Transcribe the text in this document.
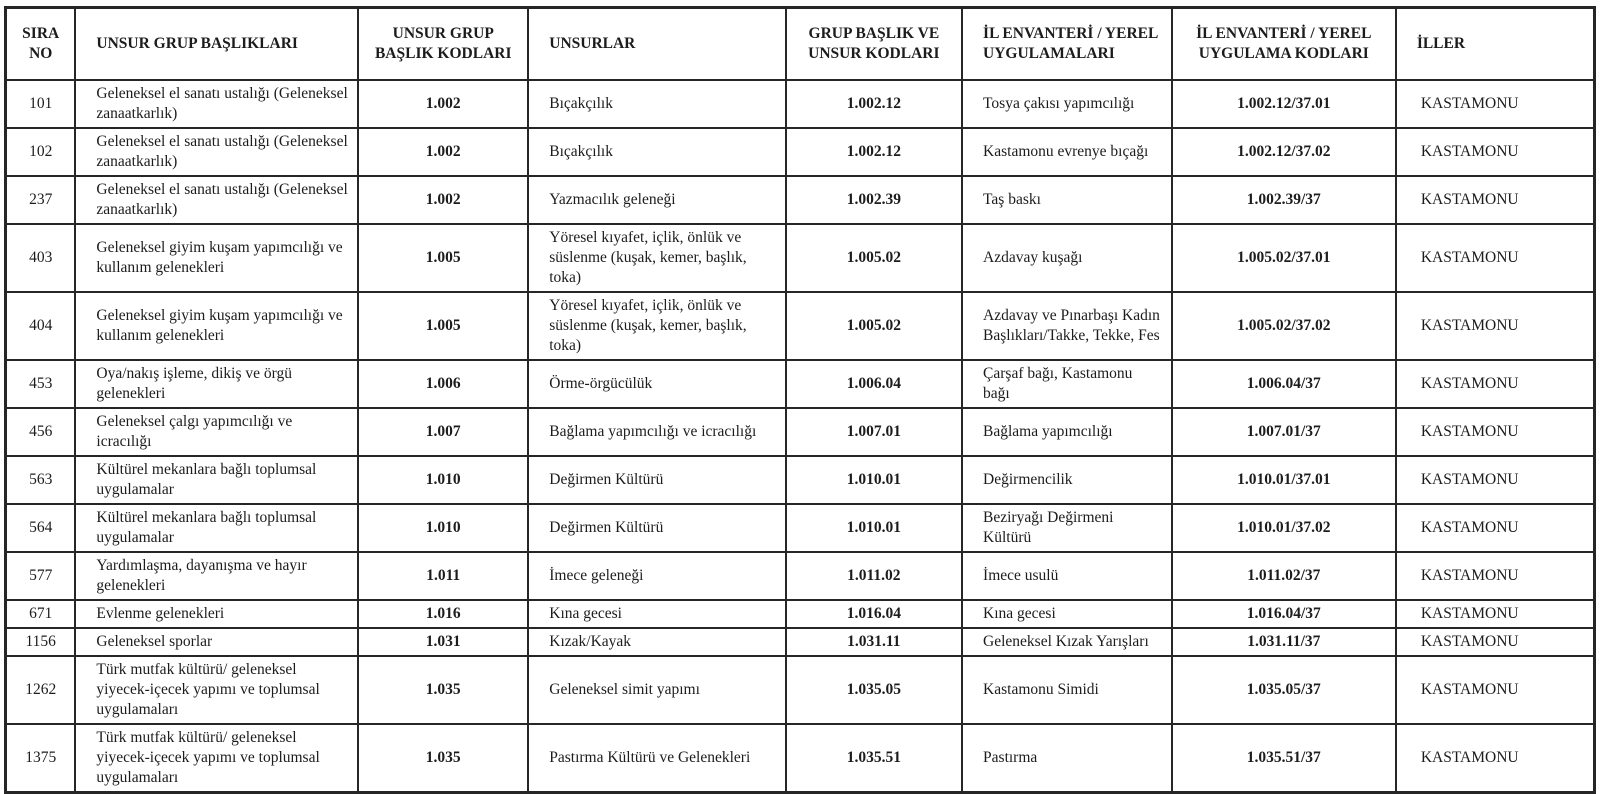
SIRA NO	UNSUR GRUP BAŞLIKLARI	UNSUR GRUP BAŞLIK KODLARI	UNSURLAR	GRUP BAŞLIK VE UNSUR KODLARI	İL ENVANTERİ / YEREL UYGULAMALARI	İL ENVANTERİ / YEREL UYGULAMA KODLARI	İLLER
101	Geleneksel el sanatı ustalığı (Geleneksel zanaatkarlık)	1.002	Bıçakçılık	1.002.12	Tosya çakısı yapımcılığı	1.002.12/37.01	KASTAMONU
102	Geleneksel el sanatı ustalığı (Geleneksel zanaatkarlık)	1.002	Bıçakçılık	1.002.12	Kastamonu evrenye bıçağı	1.002.12/37.02	KASTAMONU
237	Geleneksel el sanatı ustalığı (Geleneksel zanaatkarlık)	1.002	Yazmacılık geleneği	1.002.39	Taş baskı	1.002.39/37	KASTAMONU
403	Geleneksel giyim kuşam yapımcılığı ve kullanım gelenekleri	1.005	Yöresel kıyafet, içlik, önlük ve süslenme (kuşak, kemer, başlık, toka)	1.005.02	Azdavay kuşağı	1.005.02/37.01	KASTAMONU
404	Geleneksel giyim kuşam yapımcılığı ve kullanım gelenekleri	1.005	Yöresel kıyafet, içlik, önlük ve süslenme (kuşak, kemer, başlık, toka)	1.005.02	Azdavay ve Pınarbaşı Kadın Başlıkları/Takke, Tekke, Fes	1.005.02/37.02	KASTAMONU
453	Oya/nakış işleme, dikiş ve örgü gelenekleri	1.006	Örme-örgücülük	1.006.04	Çarşaf bağı, Kastamonu bağı	1.006.04/37	KASTAMONU
456	Geleneksel çalgı yapımcılığı ve icracılığı	1.007	Bağlama yapımcılığı ve icracılığı	1.007.01	Bağlama yapımcılığı	1.007.01/37	KASTAMONU
563	Kültürel mekanlara bağlı toplumsal uygulamalar	1.010	Değirmen Kültürü	1.010.01	Değirmencilik	1.010.01/37.01	KASTAMONU
564	Kültürel mekanlara bağlı toplumsal uygulamalar	1.010	Değirmen Kültürü	1.010.01	Beziryağı Değirmeni Kültürü	1.010.01/37.02	KASTAMONU
577	Yardımlaşma, dayanışma ve hayır gelenekleri	1.011	İmece geleneği	1.011.02	İmece usulü	1.011.02/37	KASTAMONU
671	Evlenme gelenekleri	1.016	Kına gecesi	1.016.04	Kına gecesi	1.016.04/37	KASTAMONU
1156	Geleneksel sporlar	1.031	Kızak/Kayak	1.031.11	Geleneksel Kızak Yarışları	1.031.11/37	KASTAMONU
1262	Türk mutfak kültürü/ geleneksel yiyecek-içecek yapımı ve toplumsal uygulamaları	1.035	Geleneksel simit yapımı	1.035.05	Kastamonu Simidi	1.035.05/37	KASTAMONU
1375	Türk mutfak kültürü/ geleneksel yiyecek-içecek yapımı ve toplumsal uygulamaları	1.035	Pastırma Kültürü ve Gelenekleri	1.035.51	Pastırma	1.035.51/37	KASTAMONU
